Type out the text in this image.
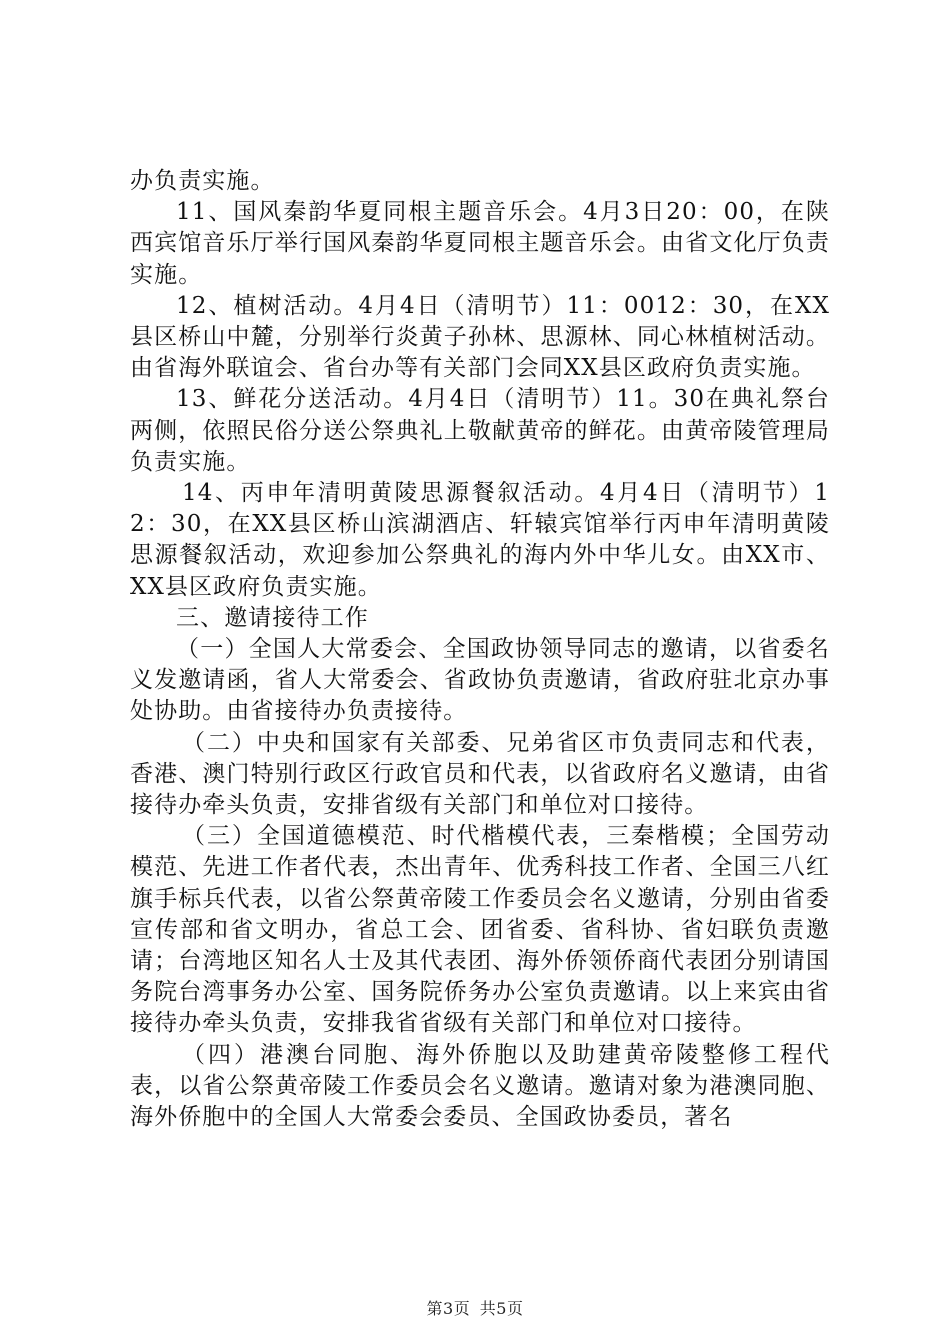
办负责实施。

11、国风秦韵华夏同根主题音乐会。4月3日20：00，在陕西宾馆音乐厅举行国风秦韵华夏同根主题音乐会。由省文化厅负责实施。

12、植树活动。4月4日（清明节）11：0012：30，在XX县区桥山中麓，分别举行炎黄子孙林、思源林、同心林植树活动。由省海外联谊会、省台办等有关部门会同XX县区政府负责实施。

13、鲜花分送活动。4月4日（清明节）11。30在典礼祭台两侧，依照民俗分送公祭典礼上敬献黄帝的鲜花。由黄帝陵管理局负责实施。

14、丙申年清明黄陵思源餐叙活动。4月4日（清明节）12：30，在XX县区桥山滨湖酒店、轩辕宾馆举行丙申年清明黄陵思源餐叙活动，欢迎参加公祭典礼的海内外中华儿女。由XX市、XX县区政府负责实施。

三、邀请接待工作

（一）全国人大常委会、全国政协领导同志的邀请，以省委名义发邀请函，省人大常委会、省政协负责邀请，省政府驻北京办事处协助。由省接待办负责接待。

（二）中央和国家有关部委、兄弟省区市负责同志和代表，香港、澳门特别行政区行政官员和代表，以省政府名义邀请，由省接待办牵头负责，安排省级有关部门和单位对口接待。

（三）全国道德模范、时代楷模代表，三秦楷模；全国劳动模范、先进工作者代表，杰出青年、优秀科技工作者、全国三八红旗手标兵代表，以省公祭黄帝陵工作委员会名义邀请，分别由省委宣传部和省文明办，省总工会、团省委、省科协、省妇联负责邀请；台湾地区知名人士及其代表团、海外侨领侨商代表团分别请国务院台湾事务办公室、国务院侨务办公室负责邀请。以上来宾由省接待办牵头负责，安排我省省级有关部门和单位对口接待。

（四）港澳台同胞、海外侨胞以及助建黄帝陵整修工程代表，以省公祭黄帝陵工作委员会名义邀请。邀请对象为港澳同胞、海外侨胞中的全国人大常委会委员、全国政协委员，著名

第3页 共5页
